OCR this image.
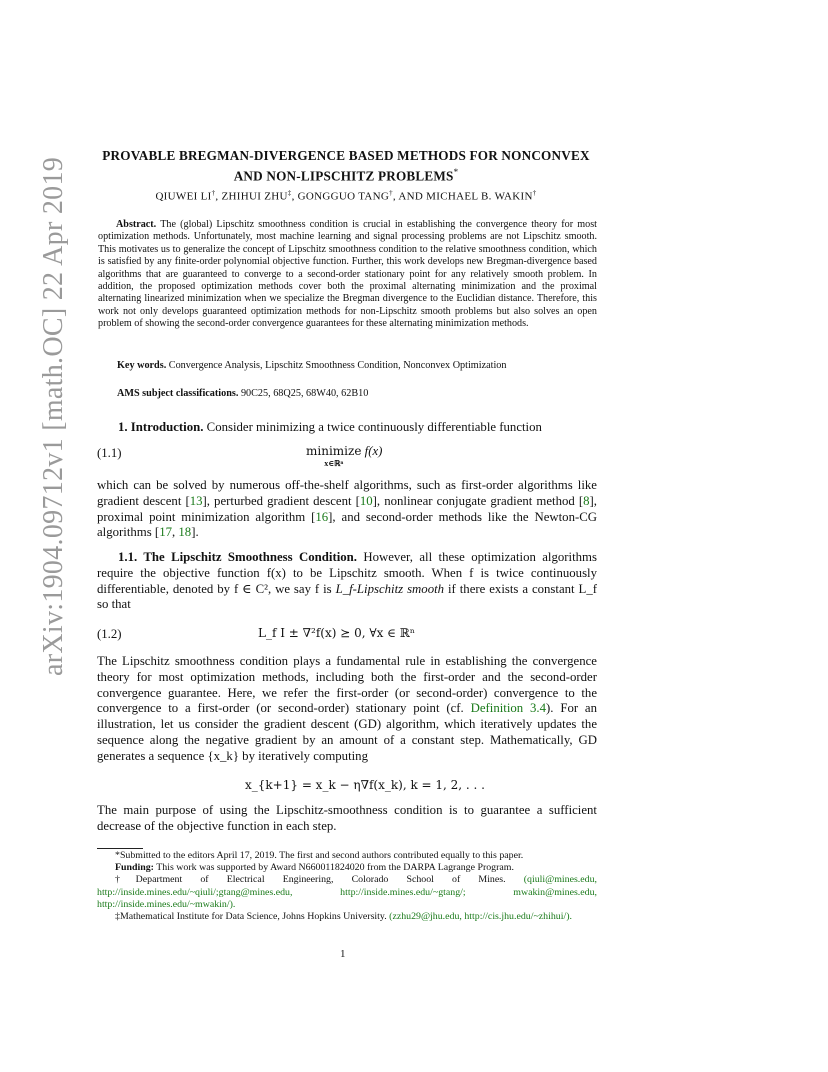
arXiv:1904.09712v1 [math.OC] 22 Apr 2019
PROVABLE BREGMAN-DIVERGENCE BASED METHODS FOR NONCONVEX
AND NON-LIPSCHITZ PROBLEMS*
QIUWEI LI†, ZHIHUI ZHU‡, GONGGUO TANG†, AND MICHAEL B. WAKIN†
Abstract. The (global) Lipschitz smoothness condition is crucial in establishing the convergence theory for most optimization methods. Unfortunately, most machine learning and signal processing problems are not Lipschitz smooth. This motivates us to generalize the concept of Lipschitz smoothness condition to the relative smoothness condition, which is satisfied by any finite-order polynomial objective function. Further, this work develops new Bregman-divergence based algorithms that are guaranteed to converge to a second-order stationary point for any relatively smooth problem. In addition, the proposed optimization methods cover both the proximal alternating minimization and the proximal alternating linearized minimization when we specialize the Bregman divergence to the Euclidian distance. Therefore, this work not only develops guaranteed optimization methods for non-Lipschitz smooth problems but also solves an open problem of showing the second-order convergence guarantees for these alternating minimization methods.
Key words. Convergence Analysis, Lipschitz Smoothness Condition, Nonconvex Optimization
AMS subject classifications. 90C25, 68Q25, 68W40, 62B10
1. Introduction. Consider minimizing a twice continuously differentiable function
(1.1)	minimize
$^{x\in ℝ^n}$ f(x)
which can be solved by numerous off-the-shelf algorithms, such as first-order algorithms like gradient descent [13], perturbed gradient descent [10], nonlinear conjugate gradient method [8], proximal point minimization algorithm [16], and second-order methods like the Newton-CG algorithms [17, 18].
1.1. The Lipschitz Smoothness Condition. However, all these optimization algorithms require the objective function f(x) to be Lipschitz smooth. When f is twice continuously differentiable, denoted by f ∈ C², we say f is L_f-Lipschitz smooth if there exists a constant L_f so that
(1.2)	L_f I ± ∇²f(x) ⪰ 0, ∀x ∈ ℝⁿ
The Lipschitz smoothness condition plays a fundamental rule in establishing the convergence theory for most optimization methods, including both the first-order and the second-order convergence guarantee. Here, we refer the first-order (or second-order) convergence to the convergence to a first-order (or second-order) stationary point (cf. Definition 3.4). For an illustration, let us consider the gradient descent (GD) algorithm, which iteratively updates the sequence along the negative gradient by an amount of a constant step. Mathematically, GD generates a sequence {x_k} by iteratively computing
x_{k+1} = x_k − η∇f(x_k), k = 1, 2, . . .
The main purpose of using the Lipschitz-smoothness condition is to guarantee a sufficient decrease of the objective function in each step.
*Submitted to the editors April 17, 2019. The first and second authors contributed equally to this paper.
Funding: This work was supported by Award N660011824020 from the DARPA Lagrange Program.
†Department of Electrical Engineering, Colorado School of Mines. (qiuli@mines.edu, http://inside.mines.edu/~qiuli/;gtang@mines.edu, http://inside.mines.edu/~gtang/; mwakin@mines.edu, http://inside.mines.edu/~mwakin/).
‡Mathematical Institute for Data Science, Johns Hopkins University. (zzhu29@jhu.edu, http://cis.jhu.edu/~zhihui/).
1
